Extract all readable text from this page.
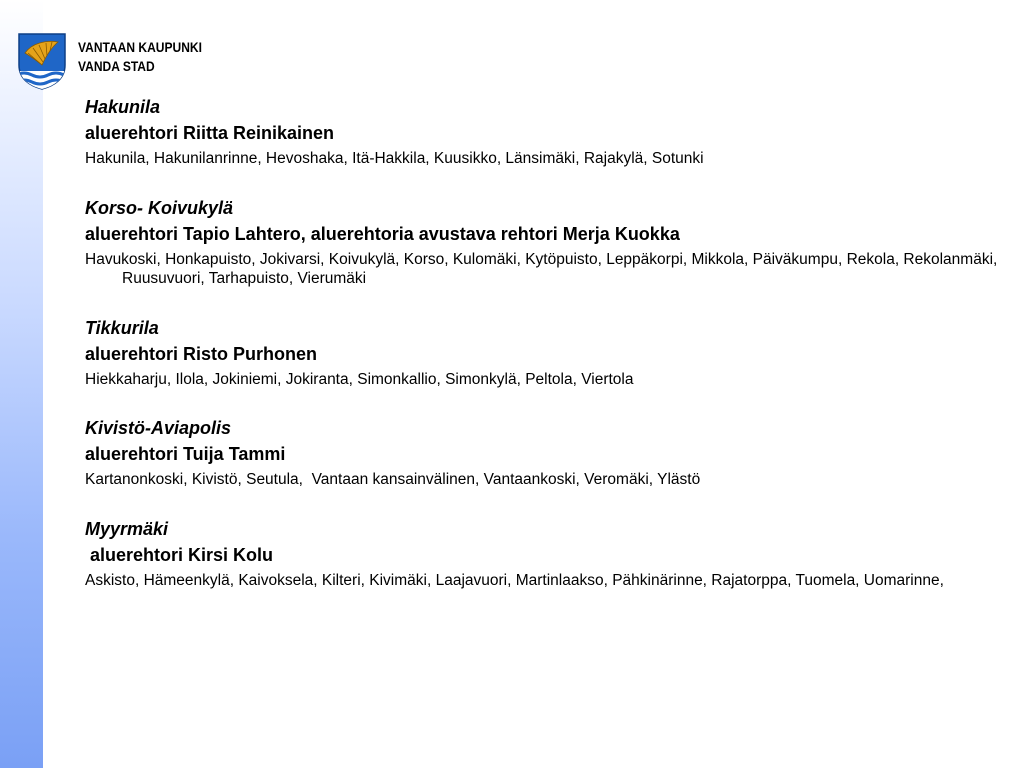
VANTAAN KAUPUNKI
VANDA STAD
Hakunila
aluerehtori Riitta Reinikainen
Hakunila, Hakunilanrinne, Hevoshaka, Itä-Hakkila, Kuusikko, Länsimäki, Rajakylä, Sotunki
Korso- Koivukylä
aluerehtori Tapio Lahtero, aluerehtoria avustava rehtori Merja Kuokka
Havukoski, Honkapuisto, Jokivarsi, Koivukylä, Korso, Kulomäki, Kytöpuisto, Leppäkorpi, Mikkola, Päiväkumpu, Rekola, Rekolanmäki, Ruusuvuori, Tarhapuisto, Vierumäki
Tikkurila
aluerehtori Risto Purhonen
Hiekkaharju, Ilola, Jokiniemi, Jokiranta, Simonkallio, Simonkylä, Peltola, Viertola
Kivistö-Aviapolis
aluerehtori Tuija Tammi
Kartanonkoski, Kivistö, Seutula,  Vantaan kansainvälinen, Vantaankoski, Veromäki, Ylästö
Myyrmäki
aluerehtori Kirsi Kolu
Askisto, Hämeenkylä, Kaivoksela, Kilteri, Kivimäki, Laajavuori, Martinlaakso, Pähkinärinne, Rajatorppa, Tuomela, Uomarinne,
